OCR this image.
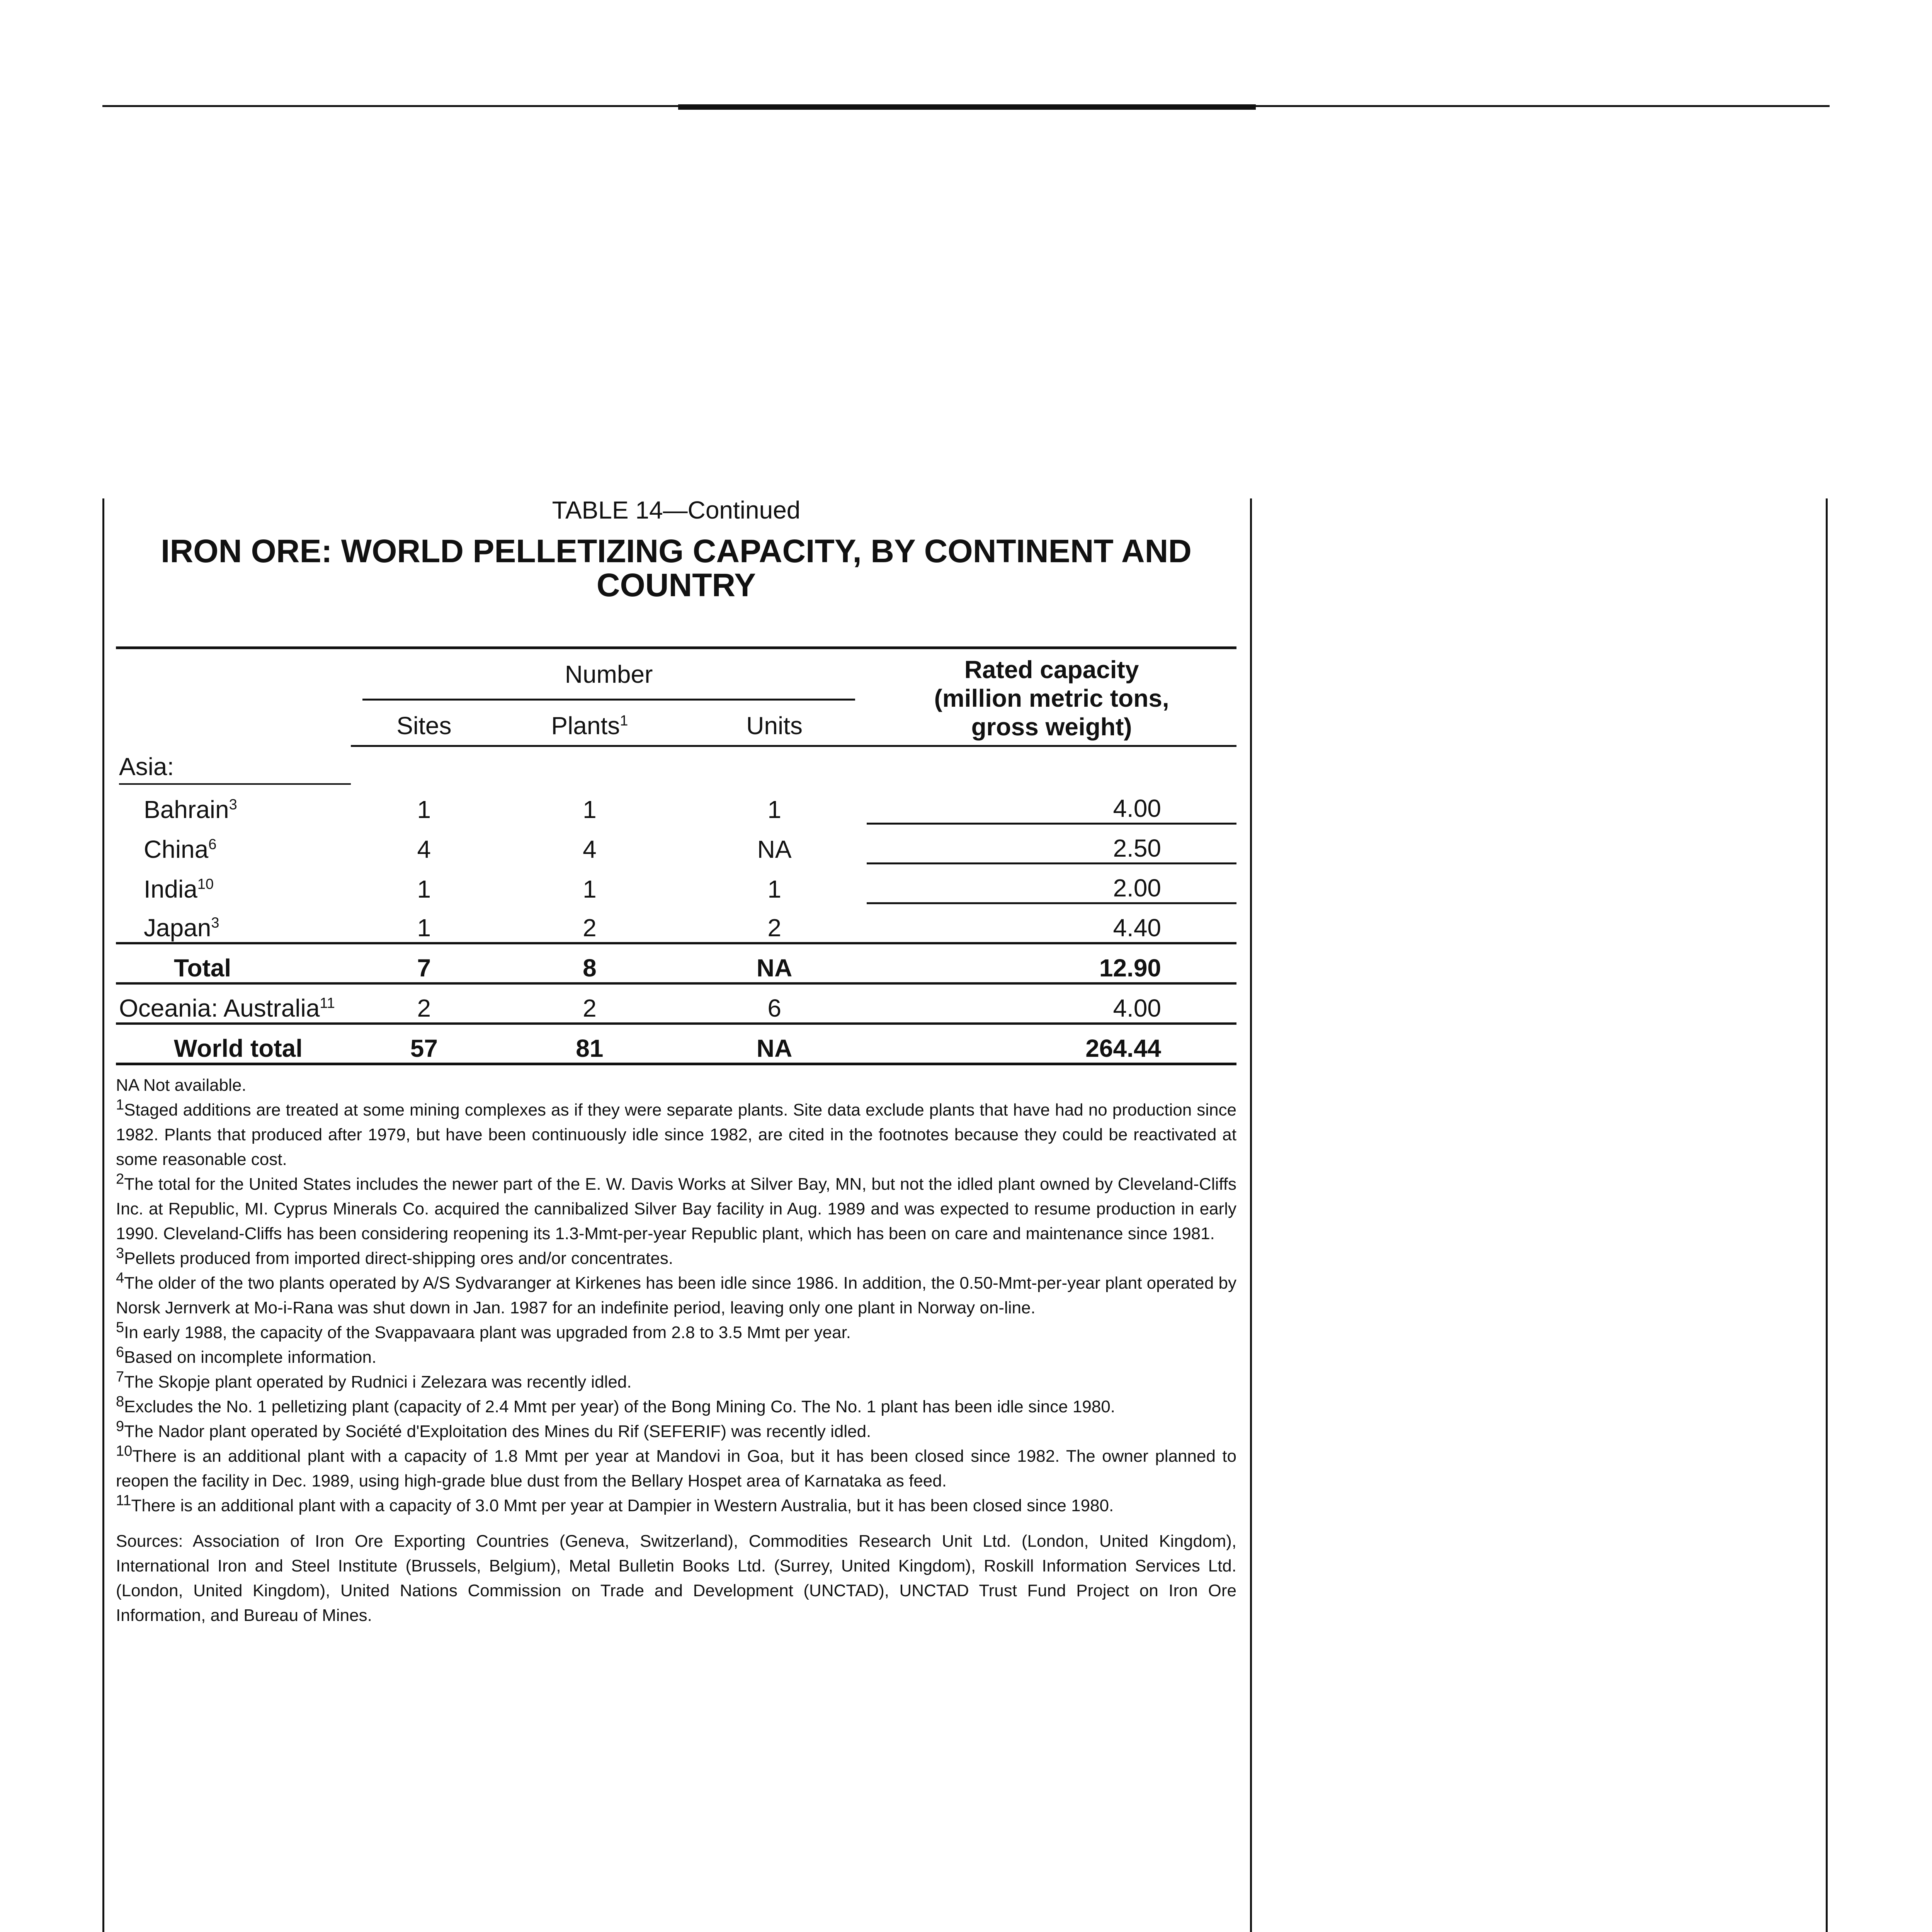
TABLE 14—Continued

IRON ORE: WORLD PELLETIZING CAPACITY, BY CONTINENT AND
COUNTRY

	Number			Rated capacity
(million metric tons,
gross weight)

	Sites	Plants$^1$	Units	
Asia:				
Bahrain$^3$	1	1	1	4.00
China$^6$	4	4	NA	2.50
India$^{10}$	1	1	1	2.00
Japan$^3$	1	2	2	4.40
Total	7	8	NA	12.90
Oceania: Australia$^{11}$	2	2	6	4.00
World total	57	81	NA	264.44

NA Not available.

$^1$Staged additions are treated at some mining complexes as if they were separate plants. Site data exclude plants that have had no production since 1982. Plants that produced after 1979, but have been continuously idle since 1982, are cited in the footnotes because they could be reactivated at some reasonable cost.

$^2$The total for the United States includes the newer part of the E. W. Davis Works at Silver Bay, MN, but not the idled plant owned by Cleveland-Cliffs Inc. at Republic, MI. Cyprus Minerals Co. acquired the cannibalized Silver Bay facility in Aug. 1989 and was expected to resume production in early 1990. Cleveland-Cliffs has been considering reopening its 1.3-Mmt-per-year Republic plant, which has been on care and maintenance since 1981.

$^3$Pellets produced from imported direct-shipping ores and/or concentrates.

$^4$The older of the two plants operated by A/S Sydvaranger at Kirkenes has been idle since 1986. In addition, the 0.50-Mmt-per-year plant operated by Norsk Jernverk at Mo-i-Rana was shut down in Jan. 1987 for an indefinite period, leaving only one plant in Norway on-line.

$^5$In early 1988, the capacity of the Svappavaara plant was upgraded from 2.8 to 3.5 Mmt per year.

$^6$Based on incomplete information.

$^7$The Skopje plant operated by Rudnici i Zelezara was recently idled.

$^8$Excludes the No. 1 pelletizing plant (capacity of 2.4 Mmt per year) of the Bong Mining Co. The No. 1 plant has been idle since 1980.

$^9$The Nador plant operated by Société d'Exploitation des Mines du Rif (SEFERIF) was recently idled.

$^{10}$There is an additional plant with a capacity of 1.8 Mmt per year at Mandovi in Goa, but it has been closed since 1982. The owner planned to reopen the facility in Dec. 1989, using high-grade blue dust from the Bellary Hospet area of Karnataka as feed.

$^{11}$There is an additional plant with a capacity of 3.0 Mmt per year at Dampier in Western Australia, but it has been closed since 1980.

Sources: Association of Iron Ore Exporting Countries (Geneva, Switzerland), Commodities Research Unit Ltd. (London, United Kingdom), International Iron and Steel Institute (Brussels, Belgium), Metal Bulletin Books Ltd. (Surrey, United Kingdom), Roskill Information Services Ltd. (London, United Kingdom), United Nations Commission on Trade and Development (UNCTAD), UNCTAD Trust Fund Project on Iron Ore Information, and Bureau of Mines.
